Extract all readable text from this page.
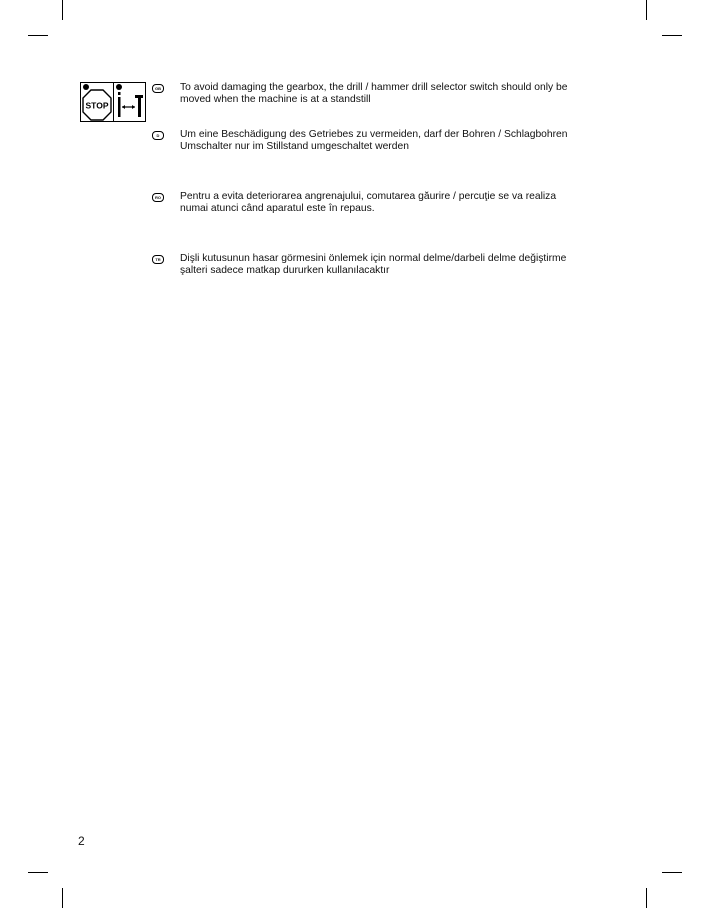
STOP
GB To avoid damaging the gearbox, the drill / hammer drill selector switch should only be
moved when the machine is at a standstill
D	Um eine Beschädigung des Getriebes zu vermeiden, darf der Bohren / Schlagbohren
Umschalter nur im Stillstand umgeschaltet werden
RO Pentru a evita deteriorarea angrenajului, comutarea găurire / percuţie se va realiza
numai atunci când aparatul este în repaus.
TR	Dişli kutusunun hasar görmesini önlemek için normal delme/darbeli delme değiştirme
şalteri sadece matkap dururken kullanılacaktır
2
